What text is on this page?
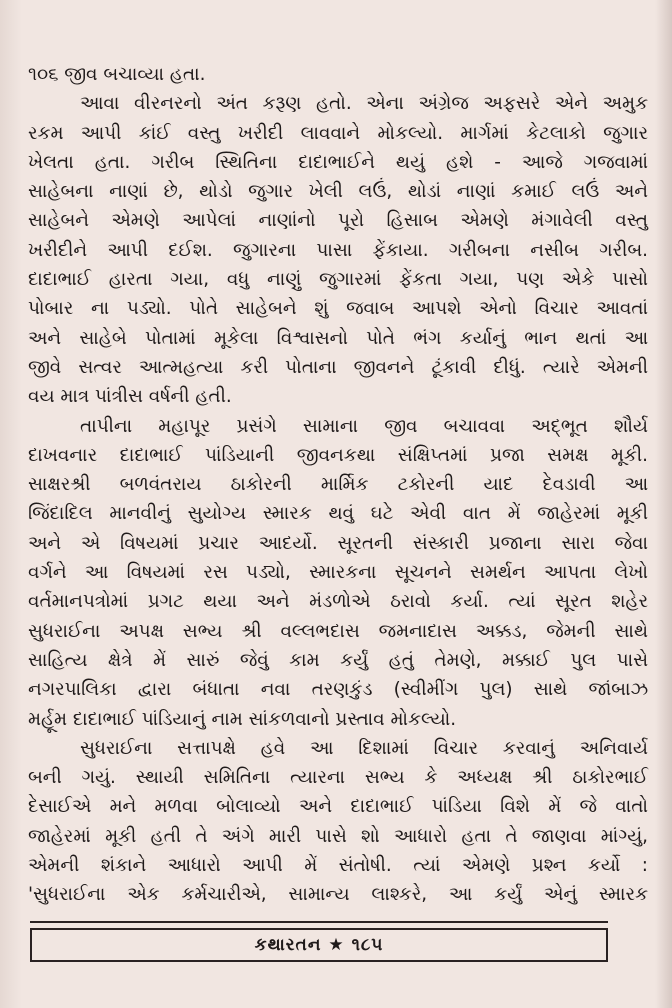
૧૦૬ જીવ બચાવ્યા હતા.
આવા વીરનરનો અંત કરૂણ હતો. એના અંગ્રેજ અફસરે એને અમુક
રકમ આપી કાંઈ વસ્તુ ખરીદી લાવવાને મોકલ્યો. માર્ગમાં કેટલાકો જુગાર
ખેલતા હતા. ગરીબ સ્થિતિના દાદાભાઈને થયું હશે - આજે ગજવામાં
સાહેબના નાણાં છે, થોડો જુગાર ખેલી લઉં, થોડાં નાણાં કમાઈ લઉં અને
સાહેબને એમણે આપેલાં નાણાંનો પૂરો હિસાબ એમણે મંગાવેલી વસ્તુ
ખરીદીને આપી દઈશ. જુગારના પાસા ફેંકાયા. ગરીબના નસીબ ગરીબ.
દાદાભાઈ હારતા ગયા, વધુ નાણું જુગારમાં ફેંકતા ગયા, પણ એકે પાસો
પોબાર ના પડ્યો. પોતે સાહેબને શું જવાબ આપશે એનો વિચાર આવતાં
અને સાહેબે પોતામાં મૂકેલા વિશ્વાસનો પોતે ભંગ કર્યાનું ભાન થતાં આ
જીવે સત્વર આત્મહત્યા કરી પોતાના જીવનને ટૂંકાવી દીધું. ત્યારે એમની
વય માત્ર પાંત્રીસ વર્ષની હતી.
તાપીના મહાપૂર પ્રસંગે સામાના જીવ બચાવવા અદ્ભૂત શૌર્ય
દાખવનાર દાદાભાઈ પાંડિયાની જીવનકથા સંક્ષિપ્તમાં પ્રજા સમક્ષ મૂકી.
સાક્ષરશ્રી બળવંતરાય ઠાકોરની માર્મિક ટકોરની યાદ દેવડાવી આ
જિંદાદિલ માનવીનું સુયોગ્ય સ્મારક થવું ઘટે એવી વાત મેં જાહેરમાં મૂકી
અને એ વિષયમાં પ્રચાર આદર્યો. સૂરતની સંસ્કારી પ્રજાના સારા જેવા
વર્ગને આ વિષયમાં રસ પડ્યો, સ્મારકના સૂચનને સમર્થન આપતા લેખો
વર્તમાનપત્રોમાં પ્રગટ થયા અને મંડળોએ ઠરાવો કર્યા. ત્યાં સૂરત શહેર
સુધરાઈના અપક્ષ સભ્ય શ્રી વલ્લભદાસ જમનાદાસ અક્કડ, જેમની સાથે
સાહિત્ય ક્ષેત્રે મેં સારું જેવું કામ કર્યું હતું તેમણે, મક્કાઈ પુલ પાસે
નગરપાલિકા દ્વારા બંધાતા નવા તરણકુંડ (સ્વીમીંગ પુલ) સાથે જાંબાઝ
મર્હૂમ દાદાભાઈ પાંડિયાનું નામ સાંકળવાનો પ્રસ્તાવ મોકલ્યો.
સુધરાઈના સત્તાપક્ષે હવે આ દિશામાં વિચાર કરવાનું અનિવાર્ય
બની ગયું. સ્થાયી સમિતિના ત્યારના સભ્ય કે અધ્યક્ષ શ્રી ઠાકોરભાઈ
દેસાઈએ મને મળવા બોલાવ્યો અને દાદાભાઈ પાંડિયા વિશે મેં જે વાતો
જાહેરમાં મૂકી હતી તે અંગે મારી પાસે શો આધારો હતા તે જાણવા માંગ્યું,
એમની શંકાને આધારો આપી મેં સંતોષી. ત્યાં એમણે પ્રશ્ન કર્યો :
'સુધરાઈના એક કર્મચારીએ, સામાન્ય લાશ્કરે, આ કર્યું એનું સ્મારક
કથારતન ★ ૧૮૫
